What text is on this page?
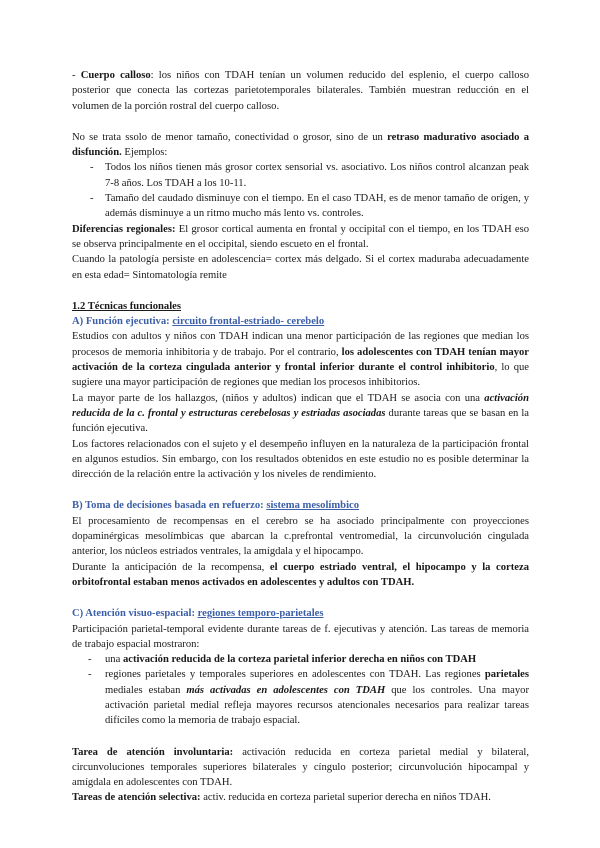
- Cuerpo calloso: los niños con TDAH tenían un volumen reducido del esplenio, el cuerpo calloso posterior que conecta las cortezas parietotemporales bilaterales. También muestran reducción en el volumen de la porción rostral del cuerpo calloso.

No se trata ssolo de menor tamaño, conectividad o grosor, sino de un retraso madurativo asociado a disfunción. Ejemplos:

- Todos los niños tienen más grosor cortex sensorial vs. asociativo. Los niños control alcanzan peak 7-8 años. Los TDAH a los 10-11.
- Tamaño del caudado disminuye con el tiempo. En el caso TDAH, es de menor tamaño de origen, y además disminuye a un ritmo mucho más lento vs. controles.

Diferencias regionales: El grosor cortical aumenta en frontal y occipital con el tiempo, en los TDAH eso se observa principalmente en el occipital, siendo escueto en el frontal.

Cuando la patología persiste en adolescencia= cortex más delgado. Si el cortex maduraba adecuadamente en esta edad= Sintomatología remite

1.2 Técnicas funcionales

A) Función ejecutiva: circuito frontal-estriado- cerebelo

Estudios con adultos y niños con TDAH indican una menor participación de las regiones que median los procesos de memoria inhibitoria y de trabajo. Por el contrario, los adolescentes con TDAH tenían mayor activación de la corteza cingulada anterior y frontal inferior durante el control inhibitorio, lo que sugiere una mayor participación de regiones que median los procesos inhibitorios.

La mayor parte de los hallazgos, (niños y adultos) indican que el TDAH se asocia con una activación reducida de la c. frontal y estructuras cerebelosas y estriadas asociadas durante tareas que se basan en la función ejecutiva.

Los factores relacionados con el sujeto y el desempeño influyen en la naturaleza de la participación frontal en algunos estudios. Sin embargo, con los resultados obtenidos en este estudio no es posible determinar la dirección de la relación entre la activación y los niveles de rendimiento.

B) Toma de decisiones basada en refuerzo: sistema mesolímbico

El procesamiento de recompensas en el cerebro se ha asociado principalmente con proyecciones dopaminérgicas mesolímbicas que abarcan la c.prefrontal ventromedial, la circunvolución cingulada anterior, los núcleos estriados ventrales, la amígdala y el hipocampo.

Durante la anticipación de la recompensa, el cuerpo estriado ventral, el hipocampo y la corteza orbitofrontal estaban menos activados en adolescentes y adultos con TDAH.

C) Atención visuo-espacial: regiones temporo-parietales

Participación parietal-temporal evidente durante tareas de f. ejecutivas y atención. Las tareas de memoria de trabajo espacial mostraron:

- una activación reducida de la corteza parietal inferior derecha en niños con TDAH
- regiones parietales y temporales superiores en adolescentes con TDAH. Las regiones parietales mediales estaban más activadas en adolescentes con TDAH que los controles. Una mayor activación parietal medial refleja mayores recursos atencionales necesarios para realizar tareas difíciles como la memoria de trabajo espacial.

Tarea de atención involuntaria: activación reducida en corteza parietal medial y bilateral, circunvoluciones temporales superiores bilaterales y cíngulo posterior; circunvolución hipocampal y amígdala en adolescentes con TDAH.

Tareas de atención selectiva: activ. reducida en corteza parietal superior derecha en niños TDAH.
